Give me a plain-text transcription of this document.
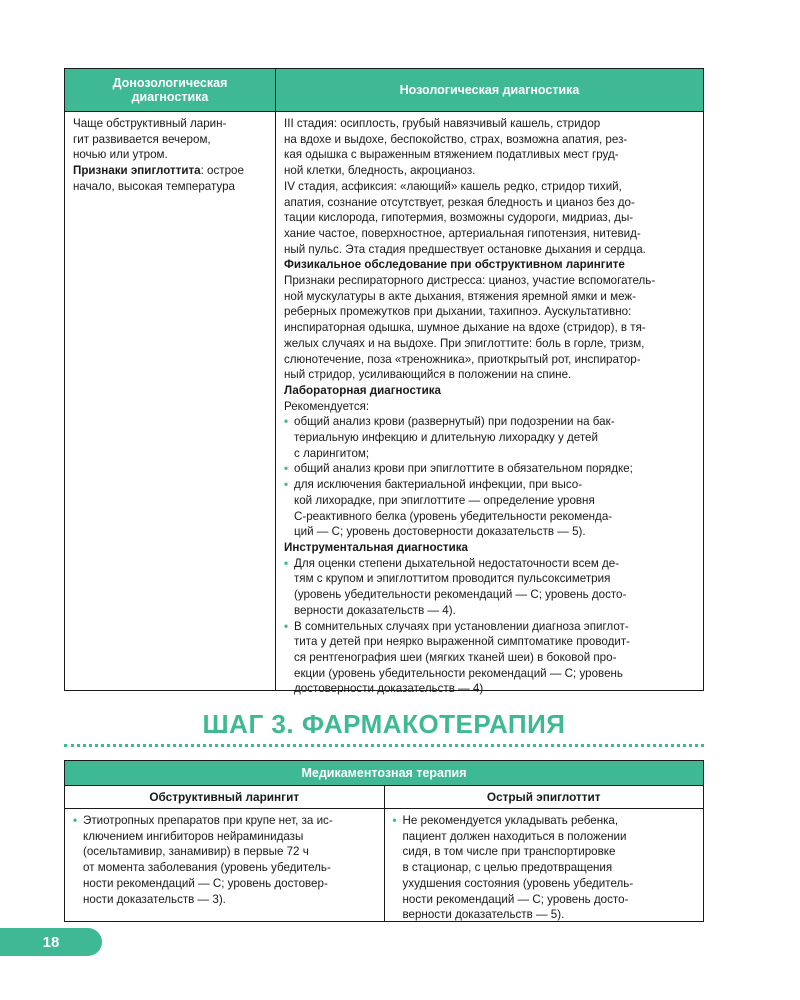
Донозологическая
диагностика	Нозологическая диагностика
Чаще обструктивный ларин-
гит развивается вечером,
ночью или утром.
Признаки эпиглоттита: острое
начало, высокая температура
III стадия: осиплость, грубый навязчивый кашель, стридор
на вдохе и выдохе, беспокойство, страх, возможна апатия, рез-
кая одышка с выраженным втяжением податливых мест груд-
ной клетки, бледность, акроцианоз.
IV стадия, асфиксия: «лающий» кашель редко, стридор тихий,
апатия, сознание отсутствует, резкая бледность и цианоз без до-
тации кислорода, гипотермия, возможны судороги, мидриаз, ды-
хание частое, поверхностное, артериальная гипотензия, нитевид-
ный пульс. Эта стадия предшествует остановке дыхания и сердца.
Физикальное обследование при обструктивном ларингите
Признаки респираторного дистресса: цианоз, участие вспомогатель-
ной мускулатуры в акте дыхания, втяжения яремной ямки и меж-
реберных промежутков при дыхании, тахипноэ. Аускультативно:
инспираторная одышка, шумное дыхание на вдохе (стридор), в тя-
желых случаях и на выдохе. При эпиглоттите: боль в горле, тризм,
слюнотечение, поза «треножника», приоткрытый рот, инспиратор-
ный стридор, усиливающийся в положении на спине.
Лабораторная диагностика
Рекомендуется:
• общий анализ крови (развернутый) при подозрении на бак-
териальную инфекцию и длительную лихорадку у детей
с ларингитом;
• общий анализ крови при эпиглоттите в обязательном порядке;
• для исключения бактериальной инфекции, при высо-
кой лихорадке, при эпиглоттите — определение уровня
С-реактивного белка (уровень убедительности рекоменда-
ций — С; уровень достоверности доказательств — 5).
Инструментальная диагностика
• Для оценки степени дыхательной недостаточности всем де-
тям с крупом и эпиглоттитом проводится пульсоксиметрия
(уровень убедительности рекомендаций — С; уровень досто-
верности доказательств — 4).
• В сомнительных случаях при установлении диагноза эпиглот-
тита у детей при неярко выраженной симптоматике проводит-
ся рентгенография шеи (мягких тканей шеи) в боковой про-
екции (уровень убедительности рекомендаций — С; уровень
достоверности доказательств — 4)
ШАГ 3. ФАРМАКОТЕРАПИЯ
Медикаментозная терапия
Обструктивный ларингит	Острый эпиглоттит
• Этиотропных препаратов при крупе нет, за ис-
ключением ингибиторов нейраминидазы
(осельтамивир, занамивир) в первые 72 ч
от момента заболевания (уровень убедитель-
ности рекомендаций — С; уровень достовер-
ности доказательств — 3).
• Не рекомендуется укладывать ребенка,
пациент должен находиться в положении
сидя, в том числе при транспортировке
в стационар, с целью предотвращения
ухудшения состояния (уровень убедитель-
ности рекомендаций — С; уровень досто-
верности доказательств — 5).
18
